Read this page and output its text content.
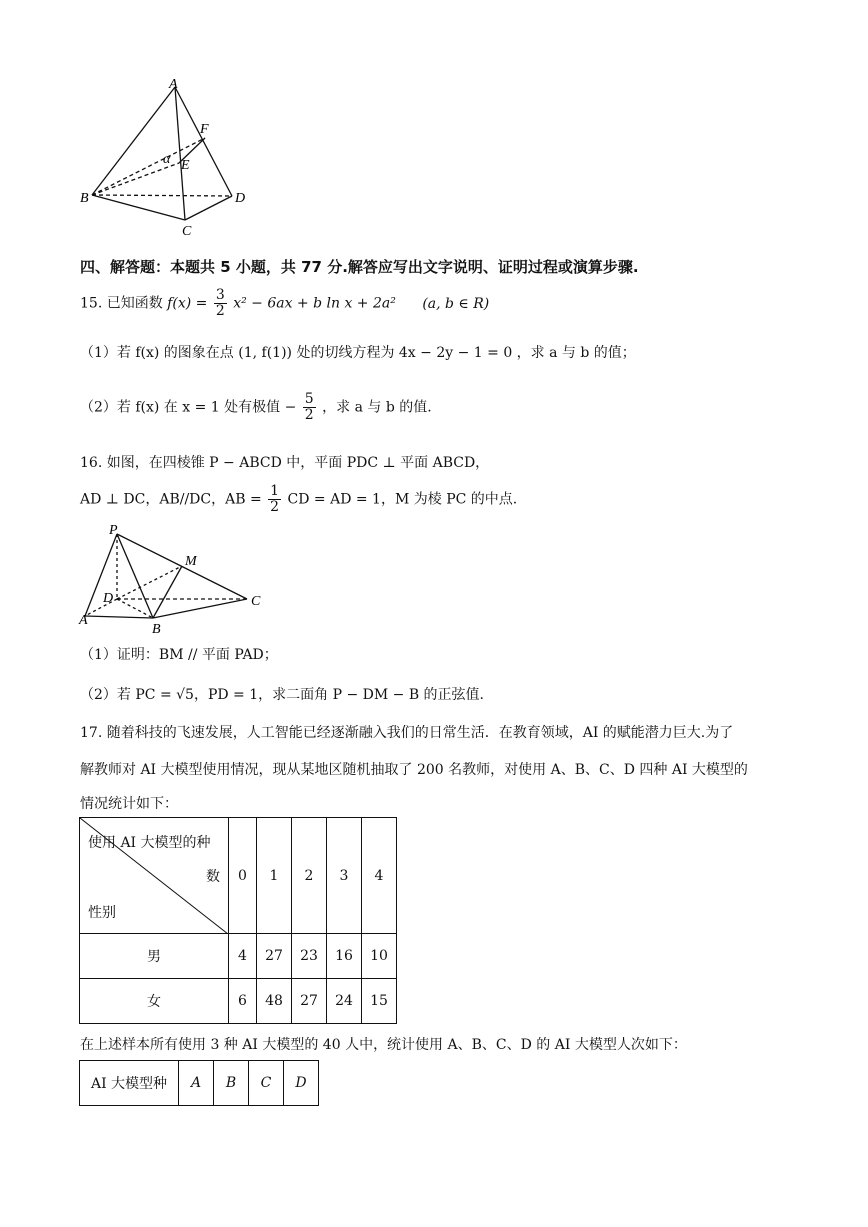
A
F
α E
B	D
C
四、解答题：本题共 5 小题，共 77 分.解答应写出文字说明、证明过程或演算步骤.
15. 已知函数 $f(x) = \frac{3}{2} x^2 - 6ax + b$ ln x + 2a² (a, b ∈ R)
（1）若 f(x) 的图象在点 (1, f(1)) 处的切线方程为 4x − 2y − 1 = 0 ，求 a 与 b 的值；
（2）若 f(x) 在 x = 1 处有极值 − $\frac{5}{2}$ ，求 a 与 b 的值.
16. 如图，在四棱锥 P − ABCD 中，平面 PDC ⊥ 平面 ABCD，
AD ⊥ DC，AB//DC，AB = $\frac{1}{2}$ CD = AD = 1，M 为棱 PC 的中点.
P
M
D	C
A
B
（1）证明：BM // 平面 PAD；
（2）若 PC = √5，PD = 1，求二面角 P − DM − B 的正弦值.
17. 随着科技的飞速发展，人工智能已经逐渐融入我们的日常生活．在教育领域，AI 的赋能潜力巨大.为了
解教师对 AI 大模型使用情况，现从某地区随机抽取了 200 名教师，对使用 A、B、C、D 四种 AI 大模型的
情况统计如下：
使用 AI 大模型的种
数
性别	0	1	2	3	4
男	4	27	23	16	10
女	6	48	27	24	15
在上述样本所有使用 3 种 AI 大模型的 40 人中，统计使用 A、B、C、D 的 AI 大模型人次如下：
AI 大模型种	A	B	C	D
